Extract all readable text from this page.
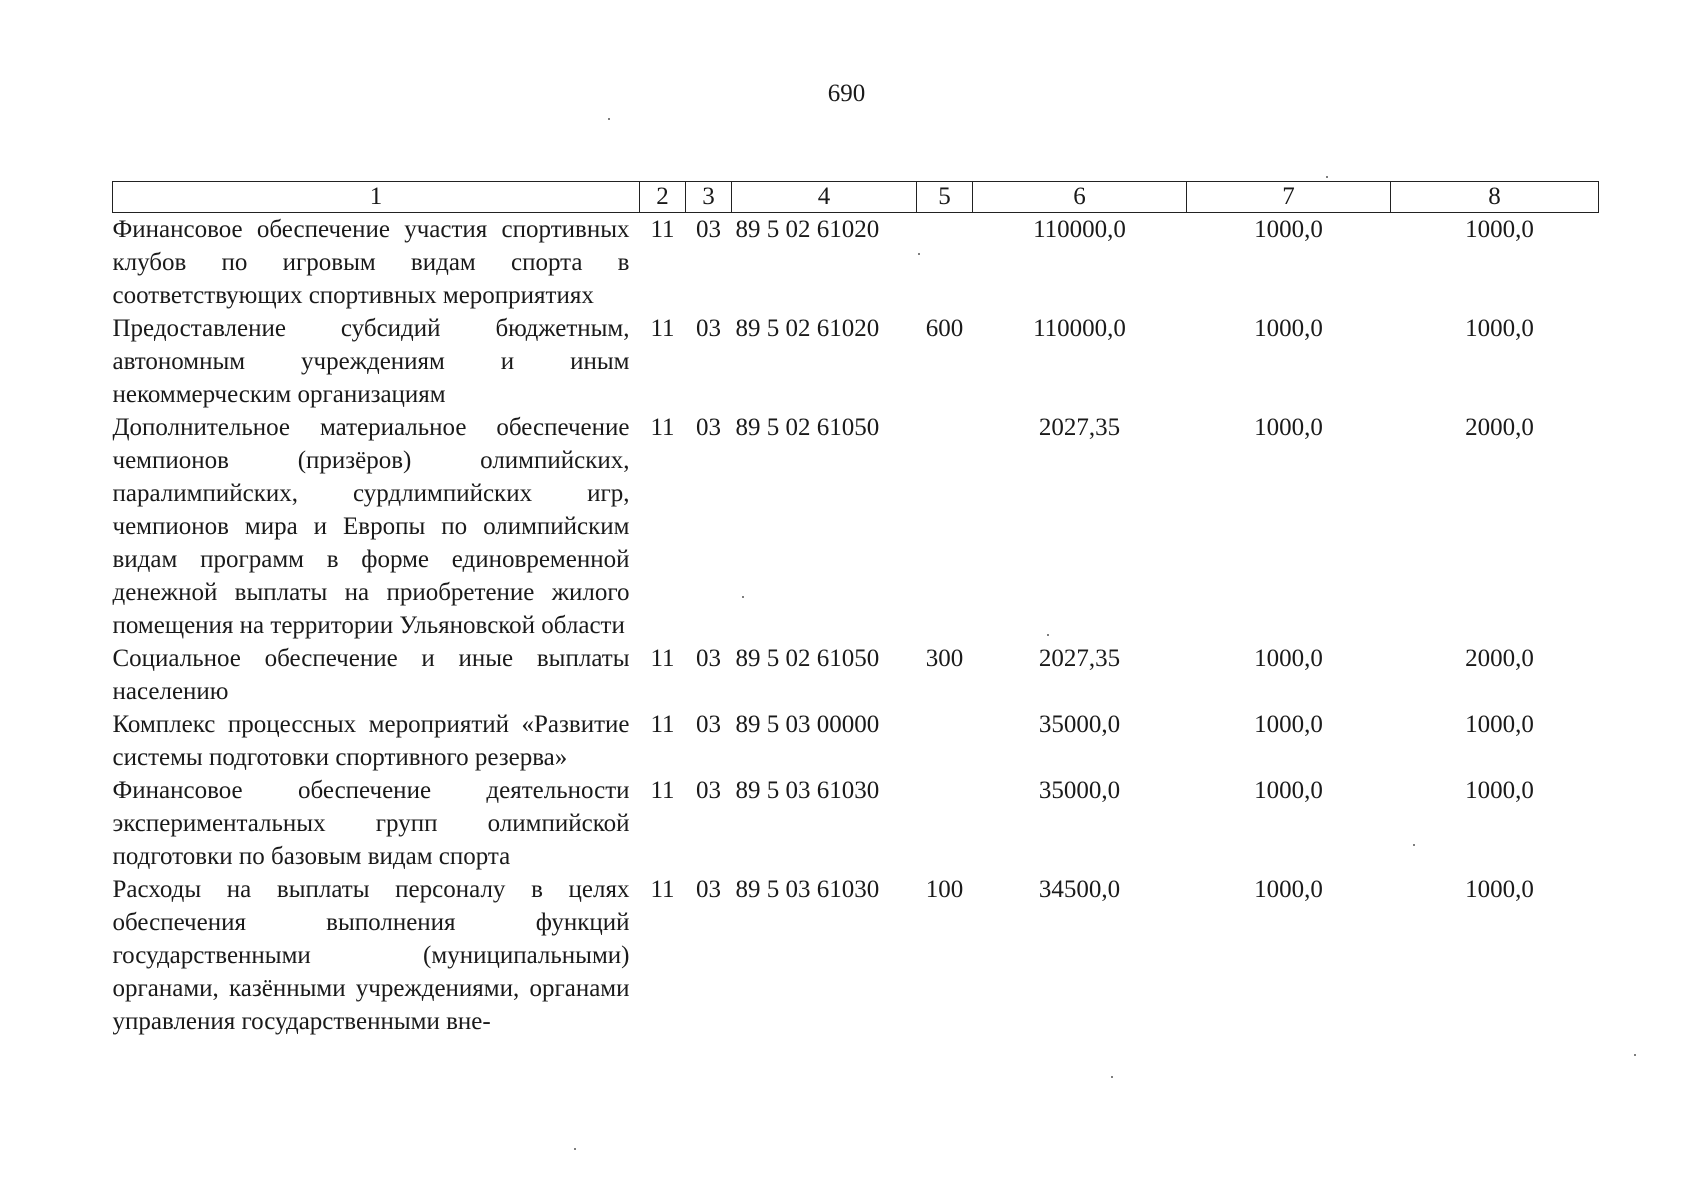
690
1	2	3	4	5	6	7	8
Финансовое обеспечение участия спортивных клубов по игровым видам спорта в соответствующих спортивных мероприятиях	11	03	89 5 02 61020		110000,0	1000,0	1000,0
Предоставление субсидий бюджетным, автономным учреждениям и иным некоммерческим организациям	11	03	89 5 02 61020	600	110000,0	1000,0	1000,0
Дополнительное материальное обеспечение чемпионов (призёров) олимпийских, паралимпийских, сурдлимпийских игр, чемпионов мира и Европы по олимпийским видам программ в форме единовременной денежной выплаты на приобретение жилого помещения на территории Ульяновской области	11	03	89 5 02 61050		2027,35	1000,0	2000,0
Социальное обеспечение и иные выплаты населению	11	03	89 5 02 61050	300	2027,35	1000,0	2000,0
Комплекс процессных мероприятий «Развитие системы подготовки спортивного резерва»	11	03	89 5 03 00000		35000,0	1000,0	1000,0
Финансовое обеспечение деятельности экспериментальных групп олимпийской подготовки по базовым видам спорта	11	03	89 5 03 61030		35000,0	1000,0	1000,0
Расходы на выплаты персоналу в целях обеспечения выполнения функций государственными (муниципальными) органами, казёнными учреждениями, органами управления государственными вне-	11	03	89 5 03 61030	100	34500,0	1000,0	1000,0
